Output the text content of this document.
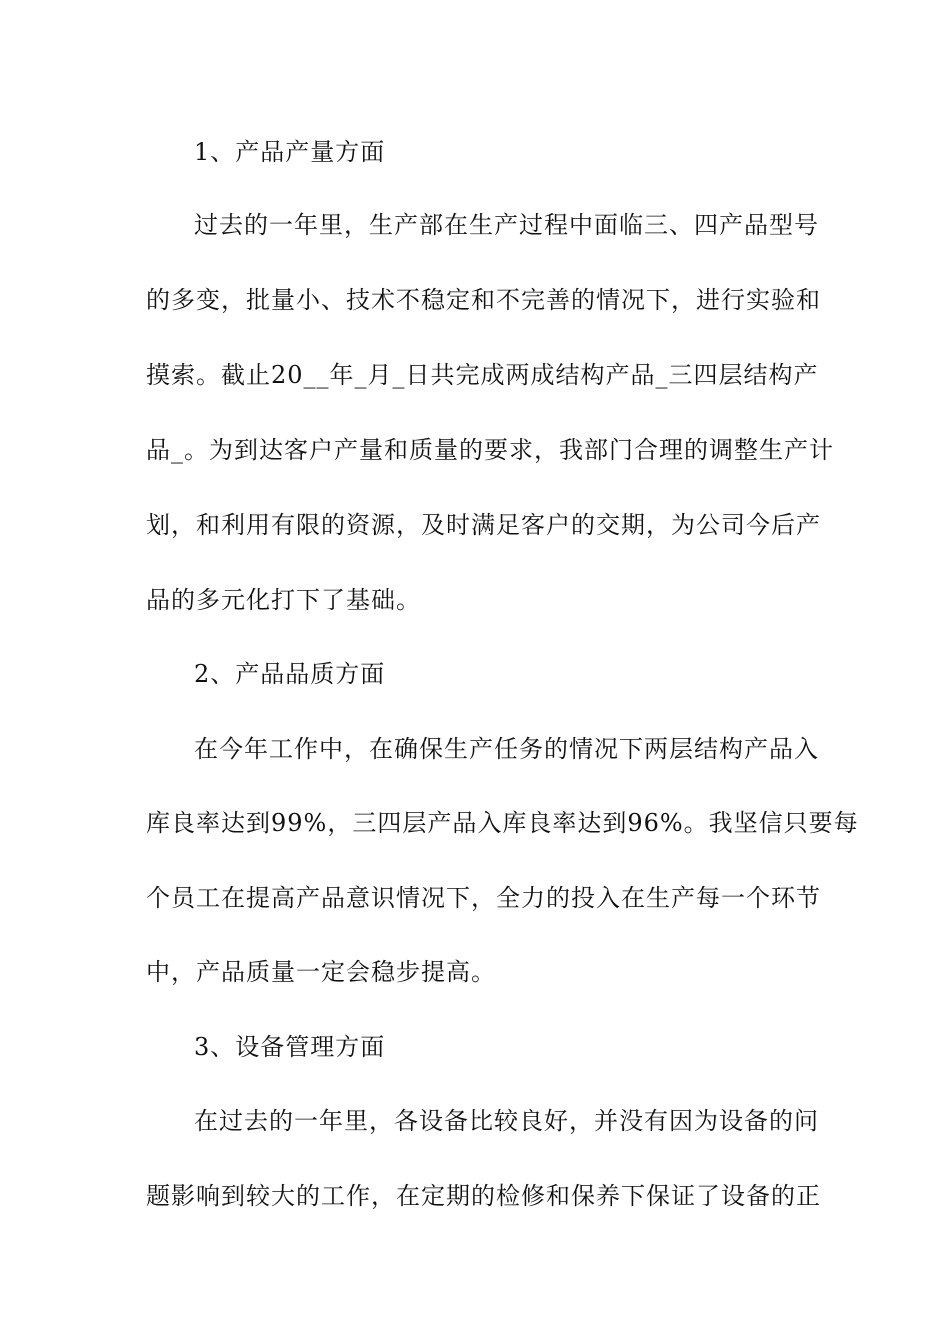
1、产品产量方面
过去的一年里，生产部在生产过程中面临三、四产品型号
的多变，批量小、技术不稳定和不完善的情况下，进行实验和
摸索。截止20__年_月_日共完成两成结构产品_三四层结构产
品_。为到达客户产量和质量的要求，我部门合理的调整生产计
划，和利用有限的资源，及时满足客户的交期，为公司今后产
品的多元化打下了基础。
2、产品品质方面
在今年工作中，在确保生产任务的情况下两层结构产品入
库良率达到99%，三四层产品入库良率达到96%。我坚信只要每
个员工在提高产品意识情况下，全力的投入在生产每一个环节
中，产品质量一定会稳步提高。
3、设备管理方面
在过去的一年里，各设备比较良好，并没有因为设备的问
题影响到较大的工作，在定期的检修和保养下保证了设备的正
